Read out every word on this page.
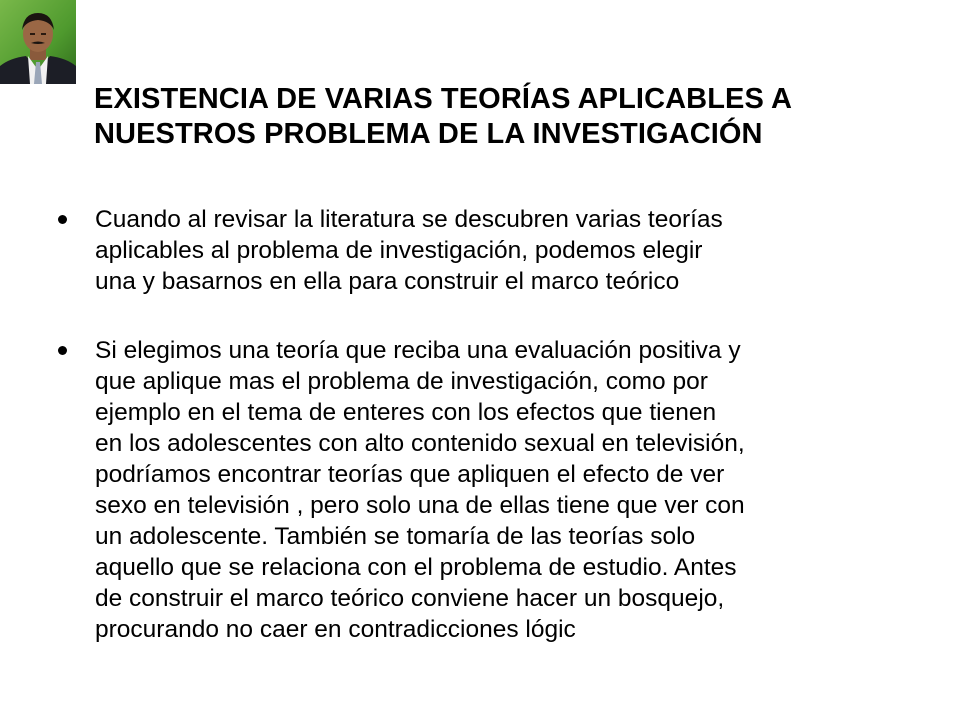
EXISTENCIA DE VARIAS TEORÍAS APLICABLES A
NUESTROS PROBLEMA DE LA INVESTIGACIÓN
Cuando al revisar la literatura se descubren varias teorías
aplicables al problema de investigación, podemos elegir
una y basarnos en ella para construir el marco teórico
Si elegimos una teoría que reciba una evaluación positiva y
que aplique mas el problema de investigación, como por
ejemplo en el tema de enteres con los efectos que tienen
en los adolescentes con alto contenido sexual en televisión,
podríamos encontrar teorías que apliquen el efecto de ver
sexo en televisión , pero solo una de ellas tiene que ver con
un adolescente. También se tomaría de las teorías solo
aquello que se relaciona con el problema de estudio. Antes
de construir el marco teórico conviene hacer un bosquejo,
procurando no caer en contradicciones lógic
